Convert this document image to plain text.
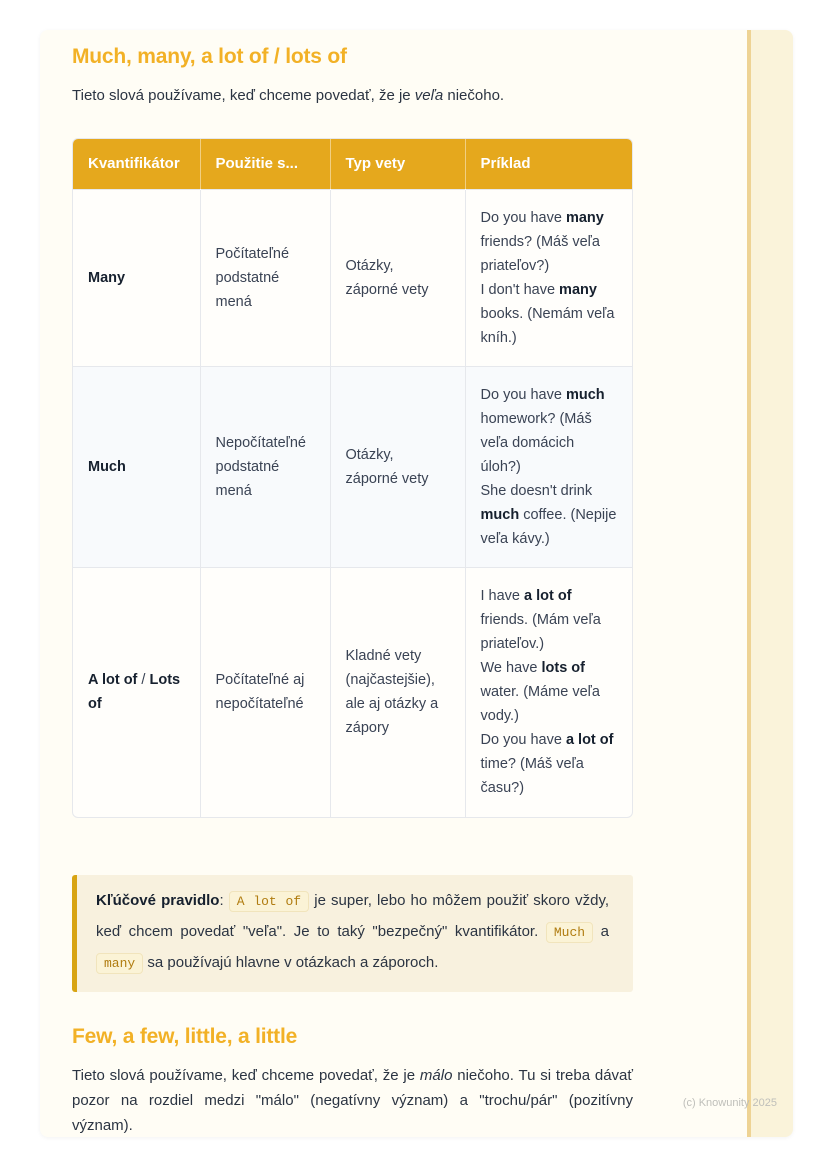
Much, many, a lot of / lots of

Tieto slová používame, keď chceme povedať, že je veľa niečoho.

Kvantifikátor	Použitie s...	Typ vety	Príklad
Many	Počítateľné podstatné mená	Otázky, záporné vety	Do you have many friends? (Máš veľa priateľov?)
I don't have many books. (Nemám veľa kníh.)
Much	Nepočítateľné podstatné mená	Otázky, záporné vety	Do you have much homework? (Máš veľa domácich úloh?)
She doesn't drink much coffee. (Nepije veľa kávy.)
A lot of / Lots of	Počítateľné aj nepočítateľné	Kladné vety (najčastejšie), ale aj otázky a zápory	I have a lot of friends. (Mám veľa priateľov.)
We have lots of water. (Máme veľa vody.)
Do you have a lot of time? (Máš veľa času?)

Kľúčové pravidlo: A lot of je super, lebo ho môžem použiť skoro vždy, keď chcem povedať "veľa". Je to taký "bezpečný" kvantifikátor. Much a many sa používajú hlavne v otázkach a záporoch.

Few, a few, little, a little

Tieto slová používame, keď chceme povedať, že je málo niečoho. Tu si treba dávať pozor na rozdiel medzi "málo" (negatívny význam) a "trochu/pár" (pozitívny význam).

(c) Knowunity 2025
